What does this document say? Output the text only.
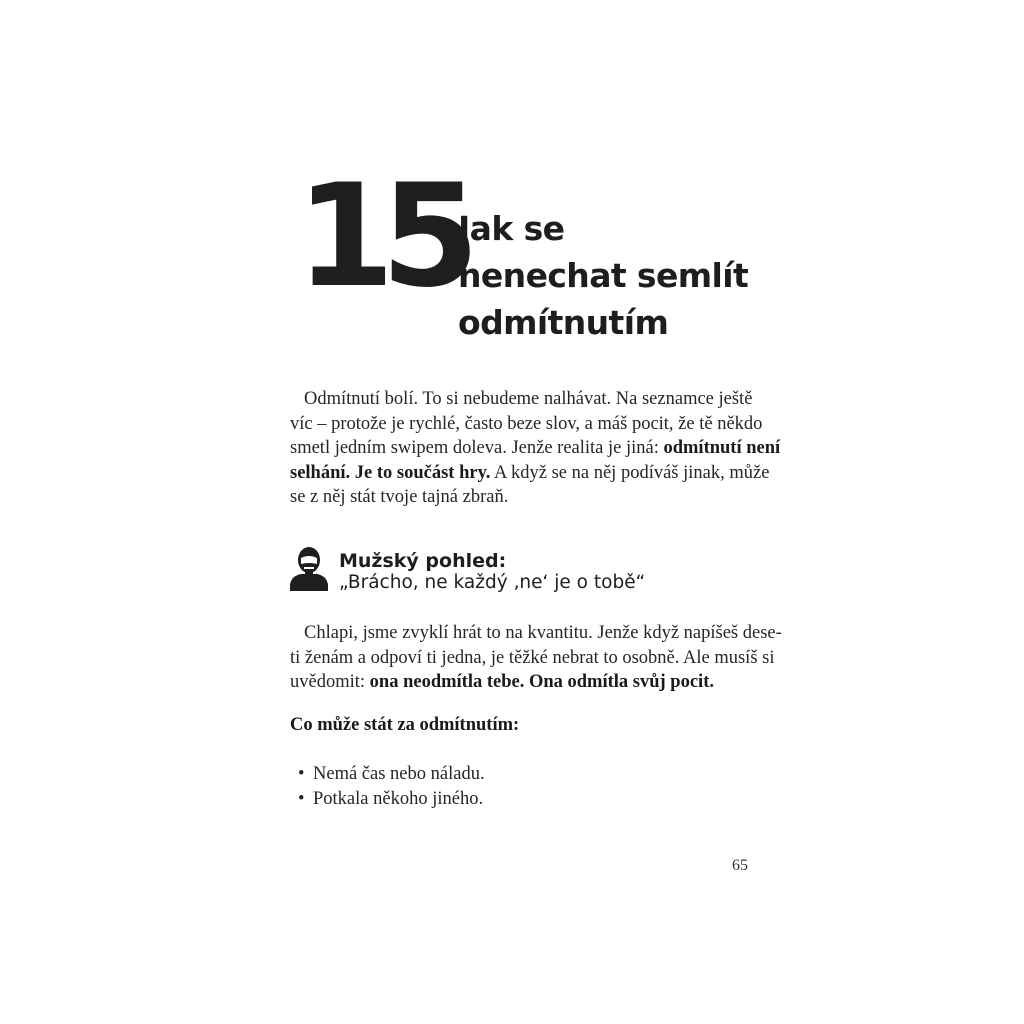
15
Jak se
nenechat semlít
odmítnutím

Odmítnutí bolí. To si nebudeme nalhávat. Na seznamce ještě
víc – protože je rychlé, často beze slov, a máš pocit, že tě někdo
smetl jedním swipem doleva. Jenže realita je jiná: odmítnutí není
selhání. Je to součást hry. A když se na něj podíváš jinak, může
se z něj stát tvoje tajná zbraň.

Mužský pohled:

„Brácho, ne každý ‚ne‘ je o tobě“

Chlapi, jsme zvyklí hrát to na kvantitu. Jenže když napíšeš dese-
ti ženám a odpoví ti jedna, je těžké nebrat to osobně. Ale musíš si
uvědomit: ona neodmítla tebe. Ona odmítla svůj pocit.

Co může stát za odmítnutím:
• Nemá čas nebo náladu.
• Potkala někoho jiného.

65
